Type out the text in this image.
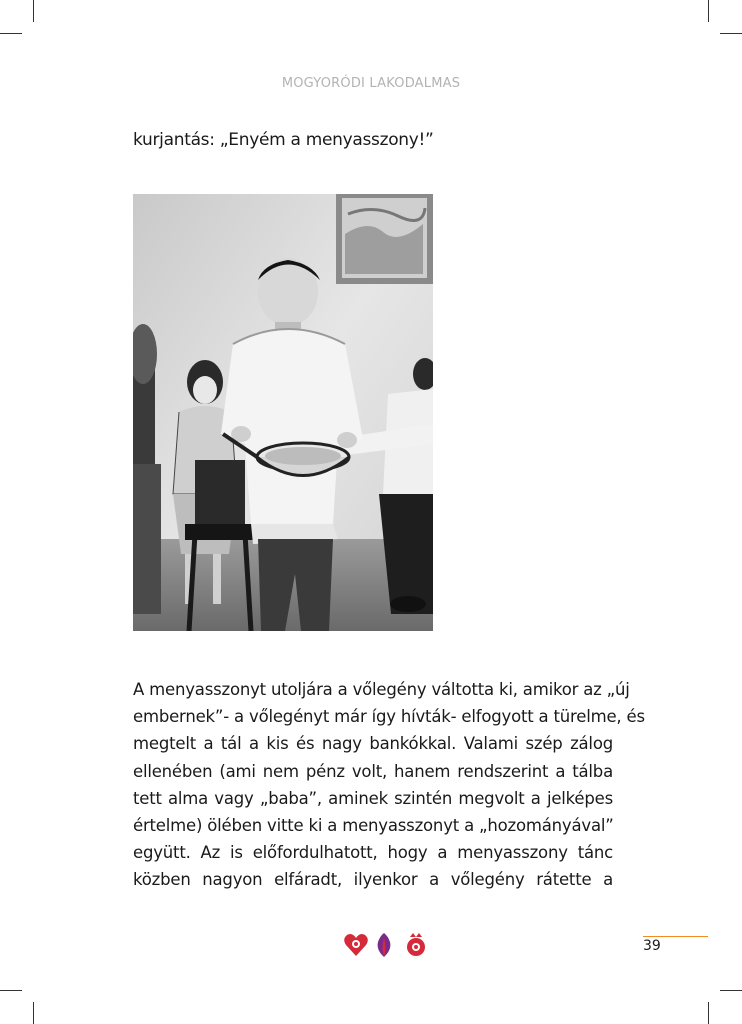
MOGYORÓDI LAKODALMAS
kurjantás: „Enyém a menyasszony!”
A menyasszonyt utoljára a vőlegény váltotta ki, amikor az „új
embernek”- a vőlegényt már így hívták- elfogyott a türelme, és
megtelt a tál a kis és nagy bankókkal. Valami szép zálog
ellenében (ami nem pénz volt, hanem rendszerint a tálba
tett alma vagy „baba”, aminek szintén megvolt a jelképes
értelme) ölében vitte ki a menyasszonyt a „hozományával”
együtt. Az is előfordulhatott, hogy a menyasszony tánc
közben nagyon elfáradt, ilyenkor a vőlegény rátette a
39
